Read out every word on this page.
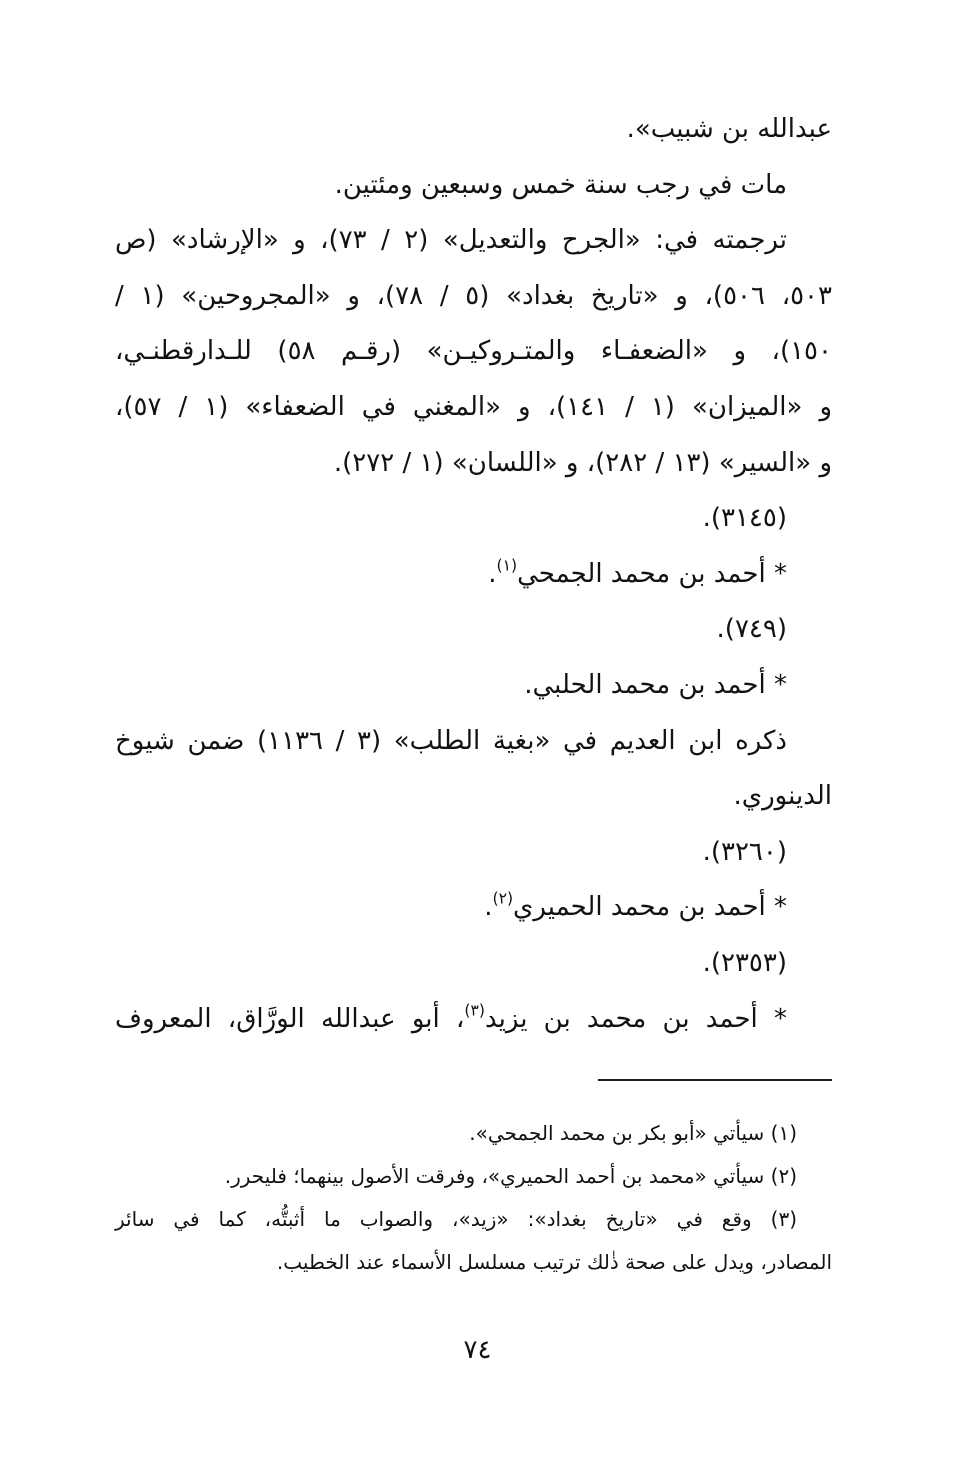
عبدالله بن شبيب».
مات في رجب سنة خمس وسبعين ومئتين.
ترجمته في: «الجرح والتعديل» (٢ / ٧٣)، و «الإرشاد» (ص
٥٠٣، ٥٠٦)، و «تاريخ بغداد» (٥ / ٧٨)، و «المجروحين» (١ /
١٥٠)، و «الضعفـاء والمتـروكيـن» (رقـم ٥٨) للـدارقطنـي،
و «الميزان» (١ / ١٤١)، و «المغني في الضعفاء» (١ / ٥٧)،
و «السير» (١٣ / ٢٨٢)، و «اللسان» (١ / ٢٧٢).
(٣١٤٥).
* أحمد بن محمد الجمحي$^{(١)}$.
(٧٤٩).
* أحمد بن محمد الحلبي.
ذكره ابن العديم في «بغية الطلب» (٣ / ١١٣٦) ضمن شيوخ
الدينوري.
(٣٢٦٠).
* أحمد بن محمد الحميري$^{(٢)}$.
(٢٣٥٣).
* أحمد بن محمد بن يزيد$^{(٣)}$، أبو عبدالله الورَّاق، المعروف
(١) سيأتي «أبو بكر بن محمد الجمحي».
(٢) سيأتي «محمد بن أحمد الحميري»، وفرقت الأصول بينهما؛ فليحرر.
(٣) وقع في «تاريخ بغداد»: «زيد»، والصواب ما أثبتُّه، كما في سائر
المصادر، ويدل على صحة ذٰلك ترتيب مسلسل الأسماء عند الخطيب.
٧٤
